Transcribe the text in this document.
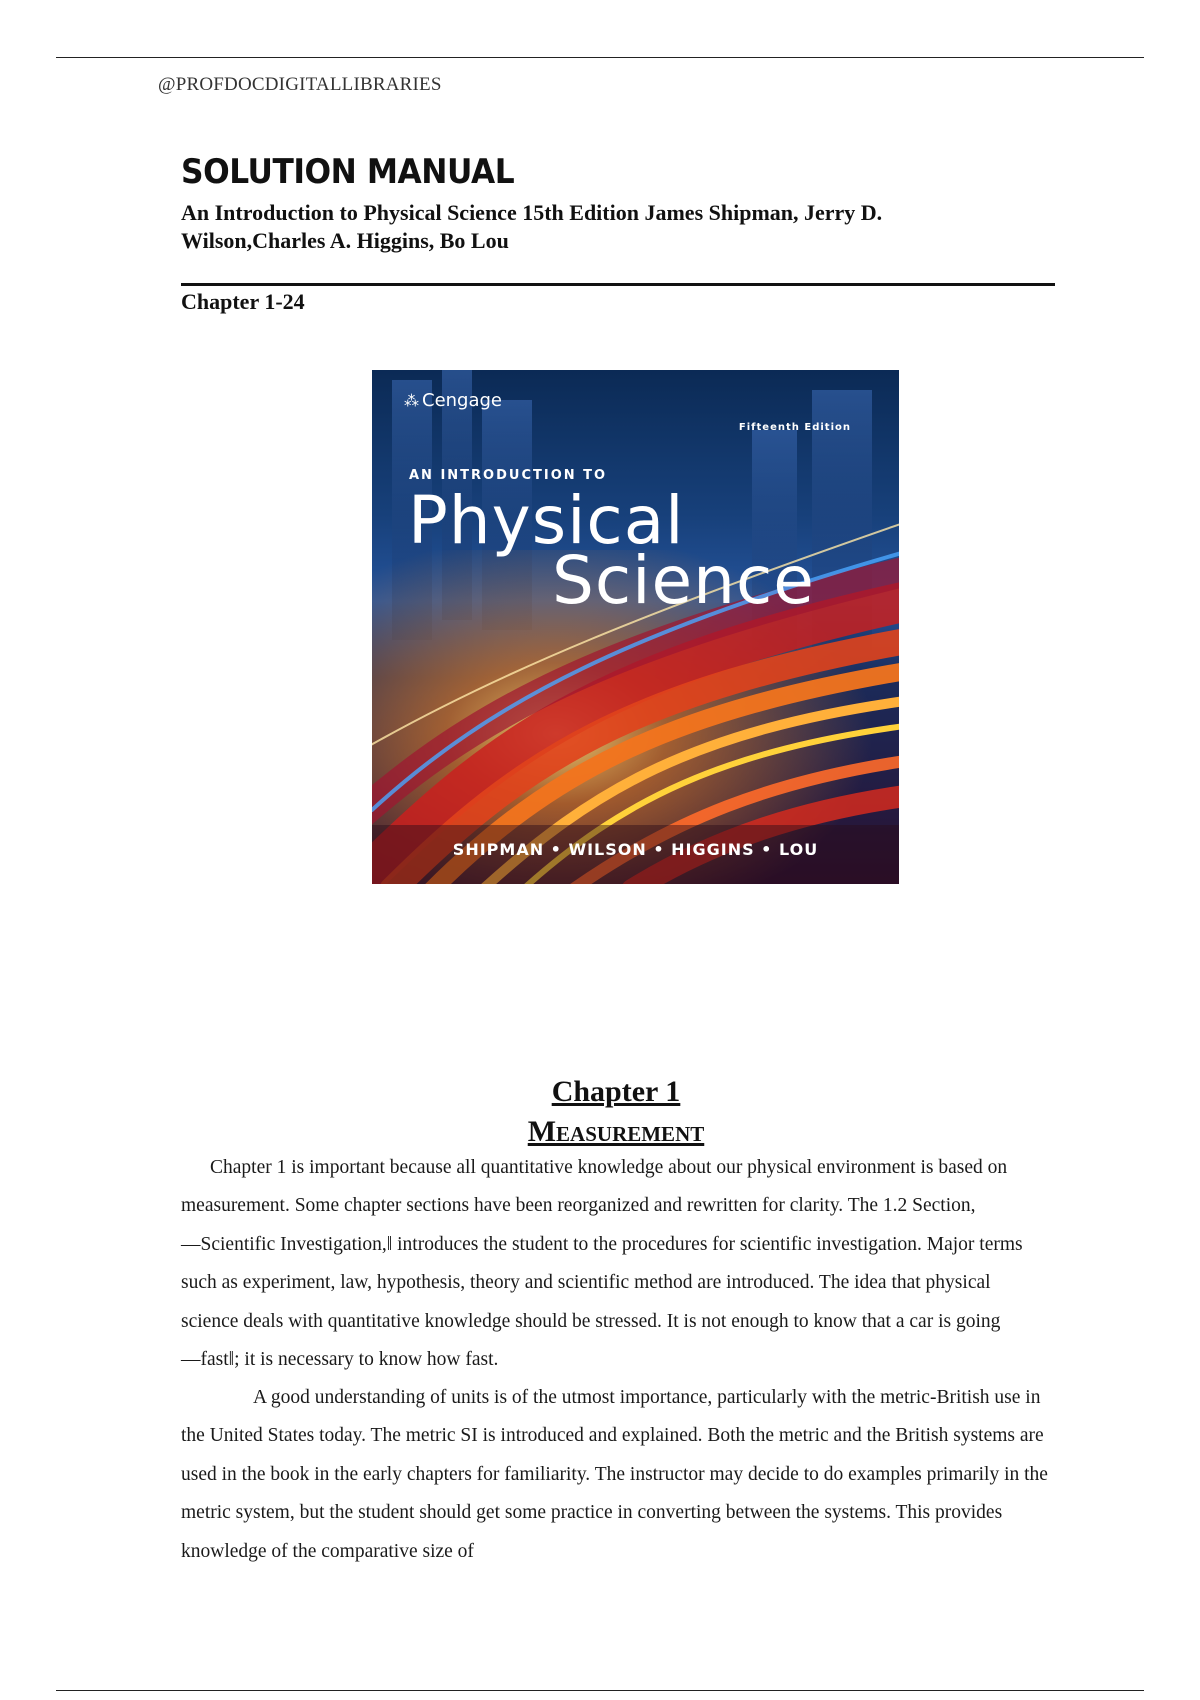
@PROFDOCDIGITALLIBRARIES
SOLUTION MANUAL
An Introduction to Physical Science 15th Edition James Shipman, Jerry D.
Wilson,Charles A. Higgins, Bo Lou
Chapter 1-24
⁂ Cengage
Fifteenth Edition
AN INTRODUCTION TO
Physical
Science
SHIPMAN • WILSON • HIGGINS • LOU
Chapter 1
Measurement

Chapter 1 is important because all quantitative knowledge about our physical environment is based on measurement. Some chapter sections have been reorganized and rewritten for clarity. The 1.2 Section, ―Scientific Investigation,‖ introduces the student to the procedures for scientific investigation. Major terms such as experiment, law, hypothesis, theory and scientific method are introduced. The idea that physical science deals with quantitative knowledge should be stressed. It is not enough to know that a car is going ―fast‖; it is necessary to know how fast.

A good understanding of units is of the utmost importance, particularly with the metric-British use in the United States today. The metric SI is introduced and explained. Both the metric and the British systems are used in the book in the early chapters for familiarity. The instructor may decide to do examples primarily in the metric system, but the student should get some practice in converting between the systems. This provides knowledge of the comparative size of
